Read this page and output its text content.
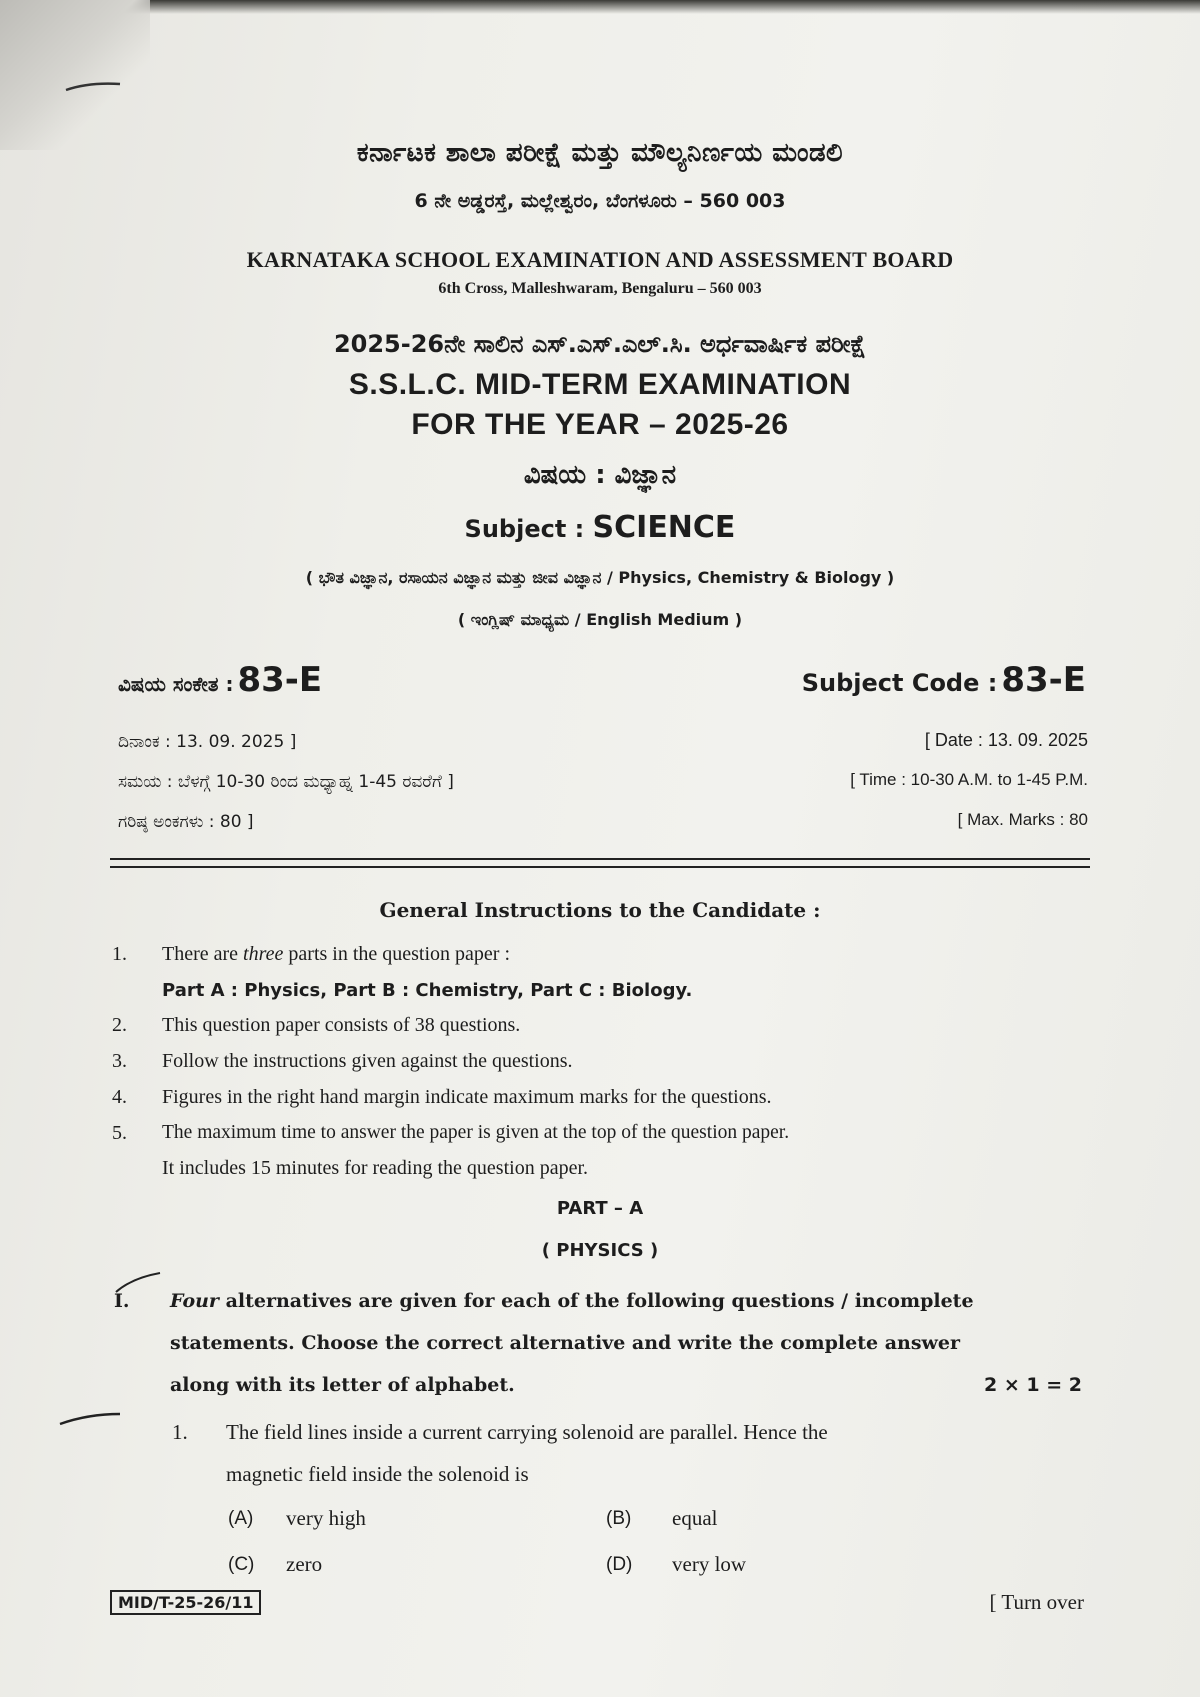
ಕರ್ನಾಟಕ ಶಾಲಾ ಪರೀಕ್ಷೆ ಮತ್ತು ಮೌಲ್ಯನಿರ್ಣಯ ಮಂಡಲಿ
6 ನೇ ಅಡ್ಡರಸ್ತೆ, ಮಲ್ಲೇಶ್ವರಂ, ಬೆಂಗಳೂರು – 560 003
KARNATAKA SCHOOL EXAMINATION AND ASSESSMENT BOARD
6th Cross, Malleshwaram, Bengaluru – 560 003
2025-26ನೇ ಸಾಲಿನ ಎಸ್.ಎಸ್.ಎಲ್.ಸಿ. ಅರ್ಧವಾರ್ಷಿಕ ಪರೀಕ್ಷೆ
S.S.L.C. MID-TERM EXAMINATION
FOR THE YEAR – 2025-26
ವಿಷಯ : ವಿಜ್ಞಾನ
Subject : SCIENCE
( ಭೌತ ವಿಜ್ಞಾನ, ರಸಾಯನ ವಿಜ್ಞಾನ ಮತ್ತು ಜೀವ ವಿಜ್ಞಾನ / Physics, Chemistry & Biology )
( ಇಂಗ್ಲಿಷ್ ಮಾಧ್ಯಮ / English Medium )
ವಿಷಯ ಸಂಕೇತ : 83-E	Subject Code : 83-E
ದಿನಾಂಕ : 13. 09. 2025 ]	[ Date : 13. 09. 2025
ಸಮಯ : ಬೆಳಗ್ಗೆ 10-30 ರಿಂದ ಮಧ್ಯಾಹ್ನ 1-45 ರವರೆಗೆ ]	[ Time : 10-30 A.M. to 1-45 P.M.
ಗರಿಷ್ಠ ಅಂಕಗಳು : 80 ]	[ Max. Marks : 80
General Instructions to the Candidate :
1. There are three parts in the question paper :
Part A : Physics, Part B : Chemistry, Part C : Biology.
2. This question paper consists of 38 questions.
3. Follow the instructions given against the questions.
4. Figures in the right hand margin indicate maximum marks for the questions.
5. The maximum time to answer the paper is given at the top of the question paper.
It includes 15 minutes for reading the question paper.
PART – A
( PHYSICS )
I. Four alternatives are given for each of the following questions / incomplete
statements. Choose the correct alternative and write the complete answer
along with its letter of alphabet.	2 × 1 = 2
1. The field lines inside a current carrying solenoid are parallel. Hence the
magnetic field inside the solenoid is
(A) very high	(B) equal
(C) zero	(D) very low
MID/T-25-26/11	[ Turn over
